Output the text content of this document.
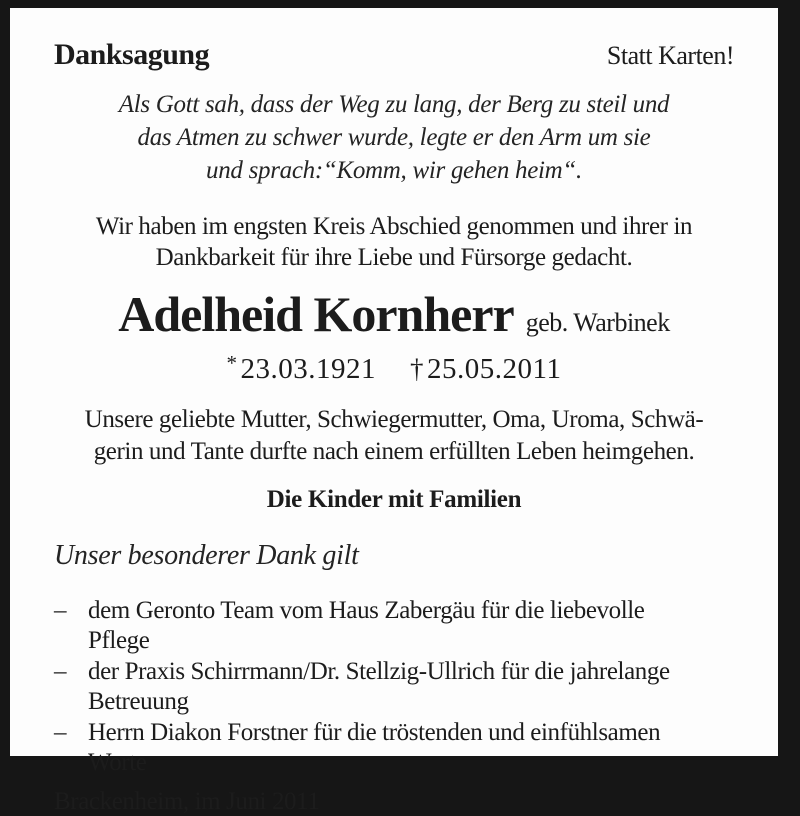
Danksagung	Statt Karten!
Als Gott sah, dass der Weg zu lang, der Berg zu steil und
das Atmen zu schwer wurde, legte er den Arm um sie
und sprach:“Komm, wir gehen heim“.
Wir haben im engsten Kreis Abschied genommen und ihrer in
Dankbarkeit für ihre Liebe und Fürsorge gedacht.
Adelheid Kornherr geb. Warbinek
* 23.03.1921 † 25.05.2011
Unsere geliebte Mutter, Schwiegermutter, Oma, Uroma, Schwä-
gerin und Tante durfte nach einem erfüllten Leben heimgehen.
Die Kinder mit Familien
Unser besonderer Dank gilt
– dem Geronto Team vom Haus Zabergäu für die liebevolle
Pflege
– der Praxis Schirrmann/Dr. Stellzig-Ullrich für die jahrelange
Betreuung
– Herrn Diakon Forstner für die tröstenden und einfühlsamen
Worte
Brackenheim, im Juni 2011
